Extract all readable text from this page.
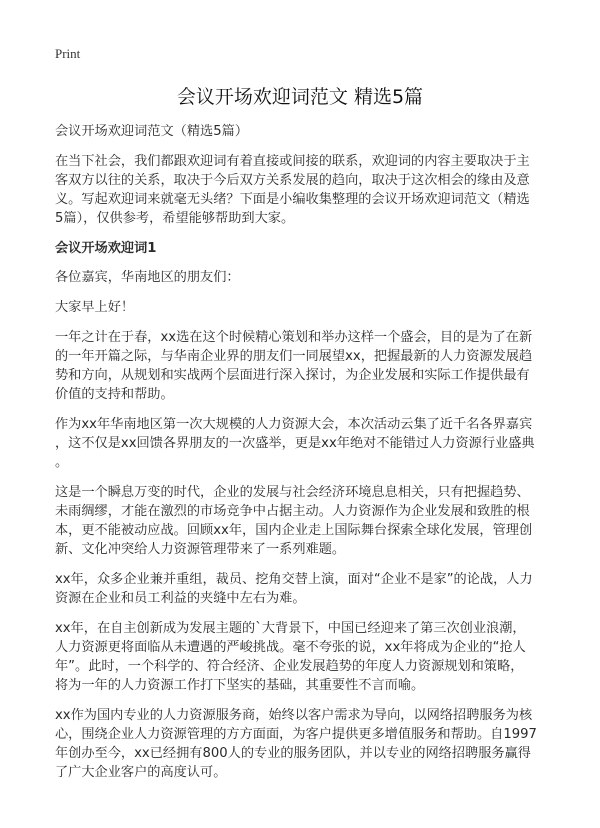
Print
会议开场欢迎词范文 精选5篇

会议开场欢迎词范文（精选5篇）

在当下社会，我们都跟欢迎词有着直接或间接的联系，欢迎词的内容主要取决于主
客双方以往的关系，取决于今后双方关系发展的趋向，取决于这次相会的缘由及意
义。写起欢迎词来就毫无头绪？下面是小编收集整理的会议开场欢迎词范文（精选
5篇），仅供参考，希望能够帮助到大家。

会议开场欢迎词1

各位嘉宾，华南地区的朋友们：

大家早上好！

一年之计在于春，xx选在这个时候精心策划和举办这样一个盛会，目的是为了在新
的一年开篇之际，与华南企业界的朋友们一同展望xx，把握最新的人力资源发展趋
势和方向，从规划和实战两个层面进行深入探讨，为企业发展和实际工作提供最有
价值的支持和帮助。

作为xx年华南地区第一次大规模的人力资源大会，本次活动云集了近千名各界嘉宾
，这不仅是xx回馈各界朋友的一次盛举，更是xx年绝对不能错过人力资源行业盛典
。

这是一个瞬息万变的时代，企业的发展与社会经济环境息息相关，只有把握趋势、
未雨绸缪，才能在激烈的市场竞争中占据主动。人力资源作为企业发展和致胜的根
本，更不能被动应战。回顾xx年，国内企业走上国际舞台探索全球化发展，管理创
新、文化冲突给人力资源管理带来了一系列难题。

xx年，众多企业兼并重组，裁员、挖角交替上演，面对“企业不是家”的论战，人力
资源在企业和员工利益的夹缝中左右为难。

xx年，在自主创新成为发展主题的`大背景下，中国已经迎来了第三次创业浪潮，
人力资源更将面临从未遭遇的严峻挑战。毫不夸张的说，xx年将成为企业的“抢人
年”。此时，一个科学的、符合经济、企业发展趋势的年度人力资源规划和策略，
将为一年的人力资源工作打下坚实的基础，其重要性不言而喻。

xx作为国内专业的人力资源服务商，始终以客户需求为导向，以网络招聘服务为核
心，围绕企业人力资源管理的方方面面，为客户提供更多增值服务和帮助。自1997
年创办至今，xx已经拥有800人的专业的服务团队，并以专业的网络招聘服务赢得
了广大企业客户的高度认可。
